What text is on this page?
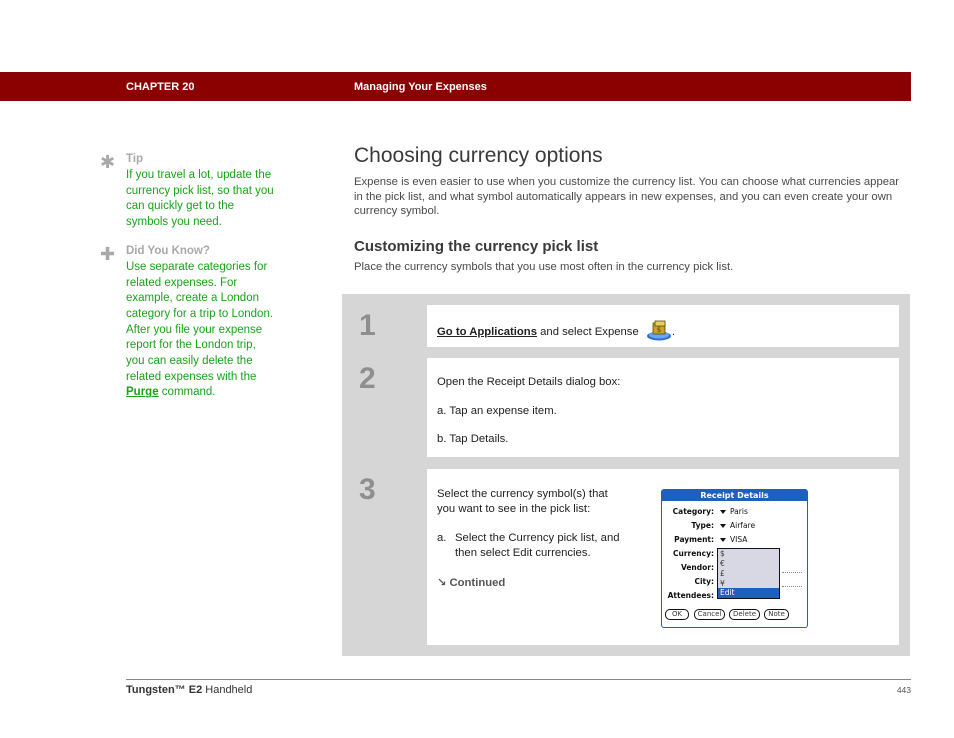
CHAPTER 20	Managing Your Expenses
✱ Tip
If you travel a lot, update the currency pick list, so that you can quickly get to the symbols you need.
✚ Did You Know?
Use separate categories for related expenses. For example, create a London category for a trip to London. After you file your expense report for the London trip, you can easily delete the related expenses with the Purge command.
Choosing currency options

Expense is even easier to use when you customize the currency list. You can choose what currencies appear in the pick list, and what symbol automatically appears in new expenses, and you can even create your own currency symbol.

Customizing the currency pick list

Place the currency symbols that you use most often in the currency pick list.

1	Go to Applications and select Expense	$ .
2	Open the Receipt Details dialog box:
a. Tap an expense item.
b. Tap Details.
3	Select the currency symbol(s) that you want to see in the pick list:
a. Select the Currency pick list, and then select Edit currencies.
↘ Continued
Receipt Details
Category: Paris
Type: Airfare
Payment: VISA
Currency:
Vendor:
City:
Attendees:
$
€
£
¥
Edit currencies...
OK	Cancel	Delete	Note
Tungsten™ E2 Handheld	443
